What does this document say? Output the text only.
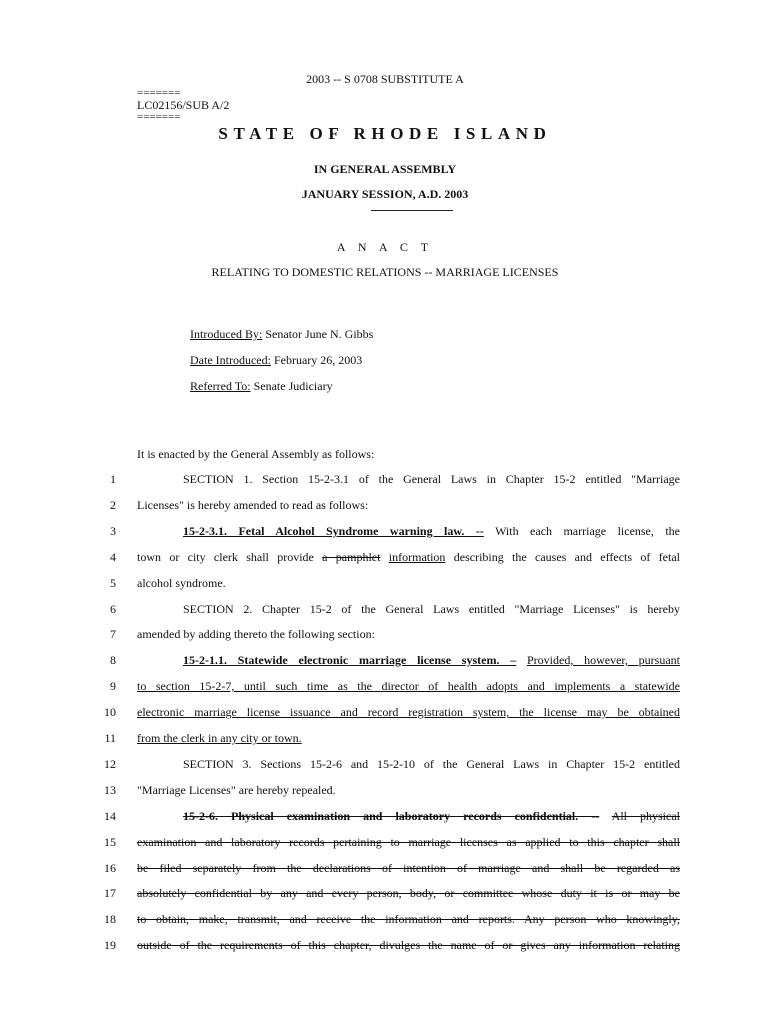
2003 -- S 0708 SUBSTITUTE A
=======
LC02156/SUB A/2
=======
STATE OF RHODE ISLAND
IN GENERAL ASSEMBLY
JANUARY SESSION, A.D. 2003
A N A C T
RELATING TO DOMESTIC RELATIONS -- MARRIAGE LICENSES
Introduced By: Senator June N. Gibbs
Date Introduced: February 26, 2003
Referred To: Senate Judiciary
It is enacted by the General Assembly as follows:
1	SECTION 1. Section 15-2-3.1 of the General Laws in Chapter 15-2 entitled "Marriage
2 Licenses" is hereby amended to read as follows:
3	15-2-3.1. Fetal Alcohol Syndrome warning law. -- With each marriage license, the
4 town or city clerk shall provide a pamphlet information describing the causes and effects of fetal
5 alcohol syndrome.
6	SECTION 2. Chapter 15-2 of the General Laws entitled "Marriage Licenses" is hereby
7 amended by adding thereto the following section:
8	15-2-1.1. Statewide electronic marriage license system. – Provided, however, pursuant
9 to section 15-2-7, until such time as the director of health adopts and implements a statewide
10 electronic marriage license issuance and record registration system, the license may be obtained
11 from the clerk in any city or town.
12	SECTION 3. Sections 15-2-6 and 15-2-10 of the General Laws in Chapter 15-2 entitled
13 "Marriage Licenses" are hereby repealed.
14	15-2-6. Physical examination and laboratory records confidential. -- All physical
15 examination and laboratory records pertaining to marriage licenses as applied to this chapter shall
16 be filed separately from the declarations of intention of marriage and shall be regarded as
17 absolutely confidential by any and every person, body, or committee whose duty it is or may be
18 to obtain, make, transmit, and receive the information and reports. Any person who knowingly,
19 outside of the requirements of this chapter, divulges the name of or gives any information relating
